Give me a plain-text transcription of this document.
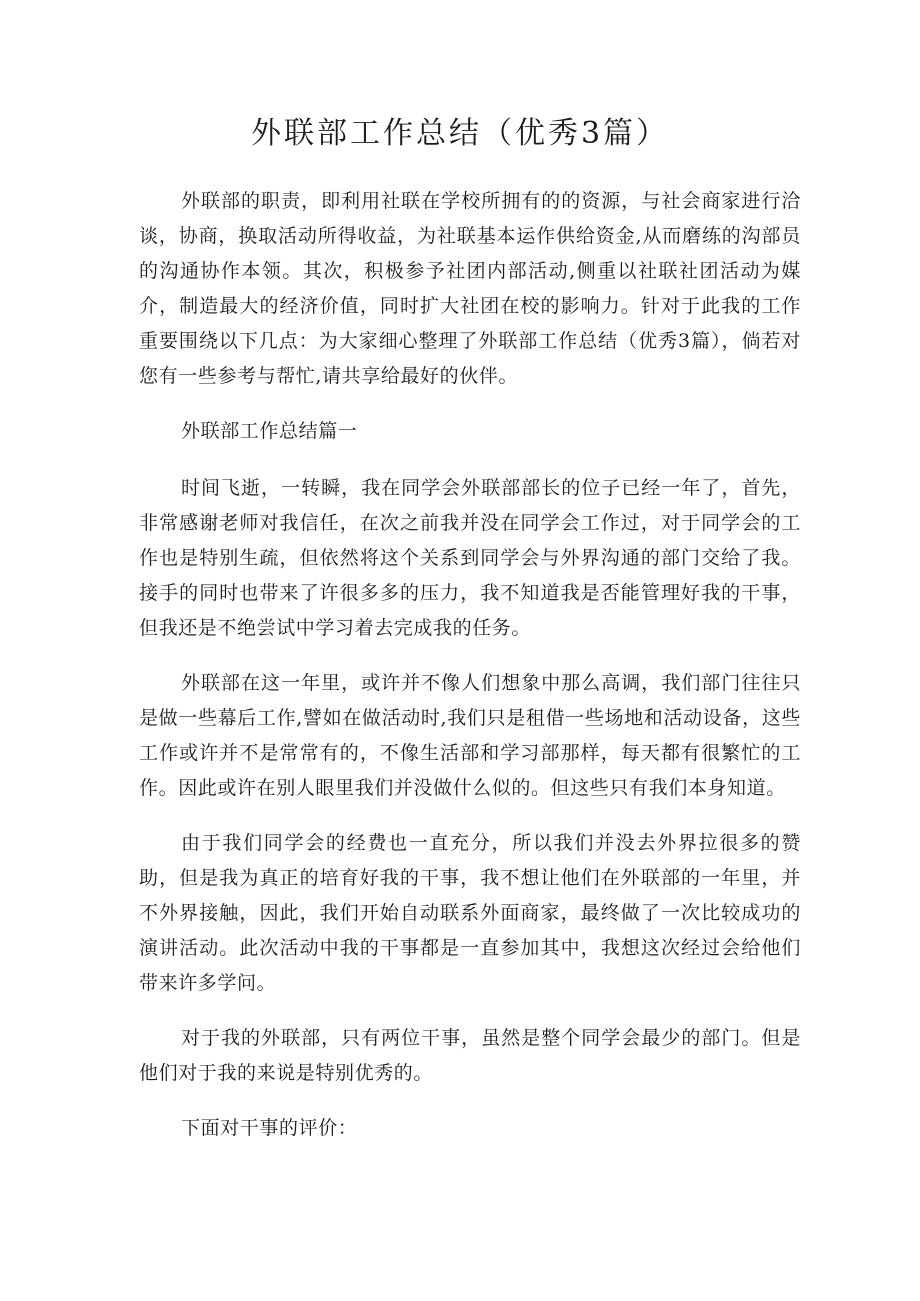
外联部工作总结（优秀3篇）

外联部的职责，即利用社联在学校所拥有的的资源，与社会商家进行洽谈，协商，换取活动所得收益，为社联基本运作供给资金,从而磨练的沟部员的沟通协作本领。其次，积极参予社团内部活动,侧重以社联社团活动为媒介，制造最大的经济价值，同时扩大社团在校的影响力。针对于此我的工作重要围绕以下几点：为大家细心整理了外联部工作总结（优秀3篇），倘若对您有一些参考与帮忙,请共享给最好的伙伴。

外联部工作总结篇一

时间飞逝，一转瞬，我在同学会外联部部长的位子已经一年了，首先，非常感谢老师对我信任，在次之前我并没在同学会工作过，对于同学会的工作也是特别生疏，但依然将这个关系到同学会与外界沟通的部门交给了我。接手的同时也带来了许很多多的压力，我不知道我是否能管理好我的干事，但我还是不绝尝试中学习着去完成我的任务。

外联部在这一年里，或许并不像人们想象中那么高调，我们部门往往只是做一些幕后工作,譬如在做活动时,我们只是租借一些场地和活动设备，这些工作或许并不是常常有的，不像生活部和学习部那样，每天都有很繁忙的工作。因此或许在别人眼里我们并没做什么似的。但这些只有我们本身知道。

由于我们同学会的经费也一直充分，所以我们并没去外界拉很多的赞助，但是我为真正的培育好我的干事，我不想让他们在外联部的一年里，并不外界接触，因此，我们开始自动联系外面商家，最终做了一次比较成功的演讲活动。此次活动中我的干事都是一直参加其中，我想这次经过会给他们带来许多学问。

对于我的外联部，只有两位干事，虽然是整个同学会最少的部门。但是他们对于我的来说是特别优秀的。

下面对干事的评价：
